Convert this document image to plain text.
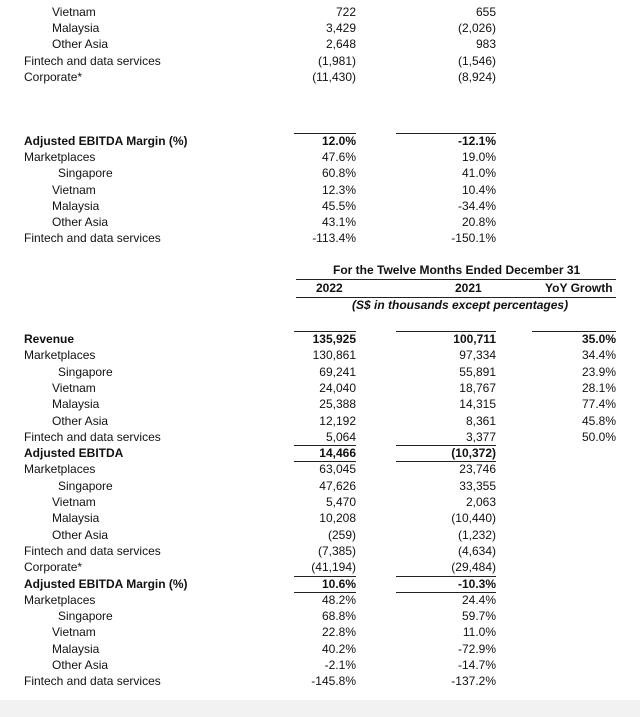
Vietnam	722	655
Malaysia	3,429	(2,026)
Other Asia	2,648	983
Fintech and data services	(1,981)	(1,546)
Corporate*	(11,430)	(8,924)
Adjusted EBITDA Margin (%)	12.0%	-12.1%
Marketplaces	47.6%	19.0%
Singapore	60.8%	41.0%
Vietnam	12.3%	10.4%
Malaysia	45.5%	-34.4%
Other Asia	43.1%	20.8%
Fintech and data services	-113.4%	-150.1%
For the Twelve Months Ended December 31
2022	2021	YoY Growth
(S$ in thousands except percentages)
Revenue	135,925	100,711	35.0%
Marketplaces	130,861	97,334	34.4%
Singapore	69,241	55,891	23.9%
Vietnam	24,040	18,767	28.1%
Malaysia	25,388	14,315	77.4%
Other Asia	12,192	8,361	45.8%
Fintech and data services	5,064	3,377	50.0%
Adjusted EBITDA	14,466	(10,372)
Marketplaces	63,045	23,746
Singapore	47,626	33,355
Vietnam	5,470	2,063
Malaysia	10,208	(10,440)
Other Asia	(259)	(1,232)
Fintech and data services	(7,385)	(4,634)
Corporate*	(41,194)	(29,484)
Adjusted EBITDA Margin (%)	10.6%	-10.3%
Marketplaces	48.2%	24.4%
Singapore	68.8%	59.7%
Vietnam	22.8%	11.0%
Malaysia	40.2%	-72.9%
Other Asia	-2.1%	-14.7%
Fintech and data services	-145.8%	-137.2%
